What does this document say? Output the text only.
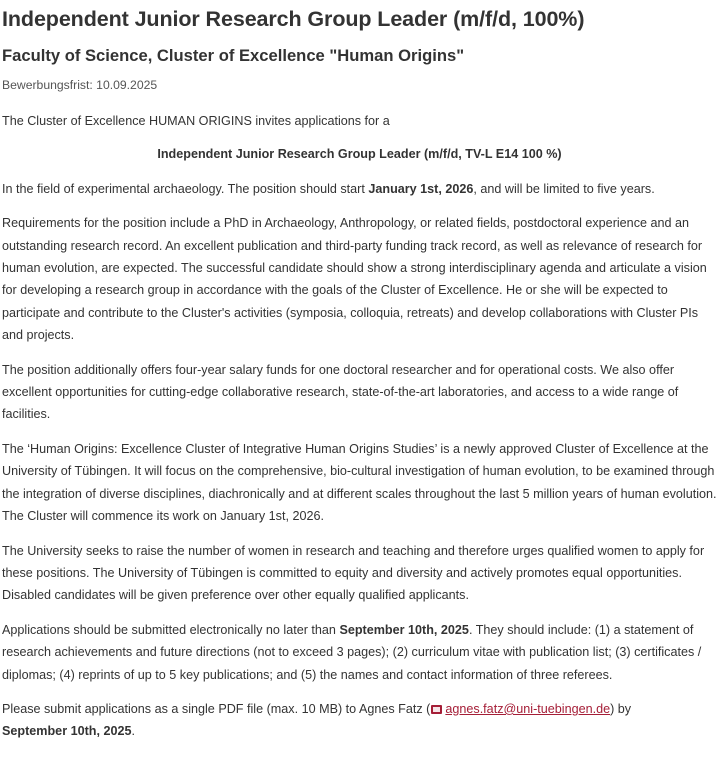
Independent Junior Research Group Leader (m/f/d, 100%)
Faculty of Science, Cluster of Excellence "Human Origins"
Bewerbungsfrist: 10.09.2025

The Cluster of Excellence HUMAN ORIGINS invites applications for a

Independent Junior Research Group Leader (m/f/d, TV-L E14 100 %)

In the field of experimental archaeology. The position should start January 1st, 2026, and will be limited to five years.

Requirements for the position include a PhD in Archaeology, Anthropology, or related fields, postdoctoral experience and an outstanding research record. An excellent publication and third-party funding track record, as well as relevance of research for human evolution, are expected. The successful candidate should show a strong interdisciplinary agenda and articulate a vision for developing a research group in accordance with the goals of the Cluster of Excellence. He or she will be expected to participate and contribute to the Cluster's activities (symposia, colloquia, retreats) and develop collaborations with Cluster PIs and projects.

The position additionally offers four-year salary funds for one doctoral researcher and for operational costs. We also offer excellent opportunities for cutting-edge collaborative research, state-of-the-art laboratories, and access to a wide range of facilities.

The ‘Human Origins: Excellence Cluster of Integrative Human Origins Studies’ is a newly approved Cluster of Excellence at the University of Tübingen. It will focus on the comprehensive, bio-cultural investigation of human evolution, to be examined through the integration of diverse disciplines, diachronically and at different scales throughout the last 5 million years of human evolution. The Cluster will commence its work on January 1st, 2026.

The University seeks to raise the number of women in research and teaching and therefore urges qualified women to apply for these positions. The University of Tübingen is committed to equity and diversity and actively promotes equal opportunities. Disabled candidates will be given preference over other equally qualified applicants.

Applications should be submitted electronically no later than September 10th, 2025. They should include: (1) a statement of research achievements and future directions (not to exceed 3 pages); (2) curriculum vitae with publication list; (3) certificates / diplomas; (4) reprints of up to 5 key publications; and (5) the names and contact information of three referees.

Please submit applications as a single PDF file (max. 10 MB) to Agnes Fatz ( agnes.fatz@uni-tuebingen.de) by
September 10th, 2025.
